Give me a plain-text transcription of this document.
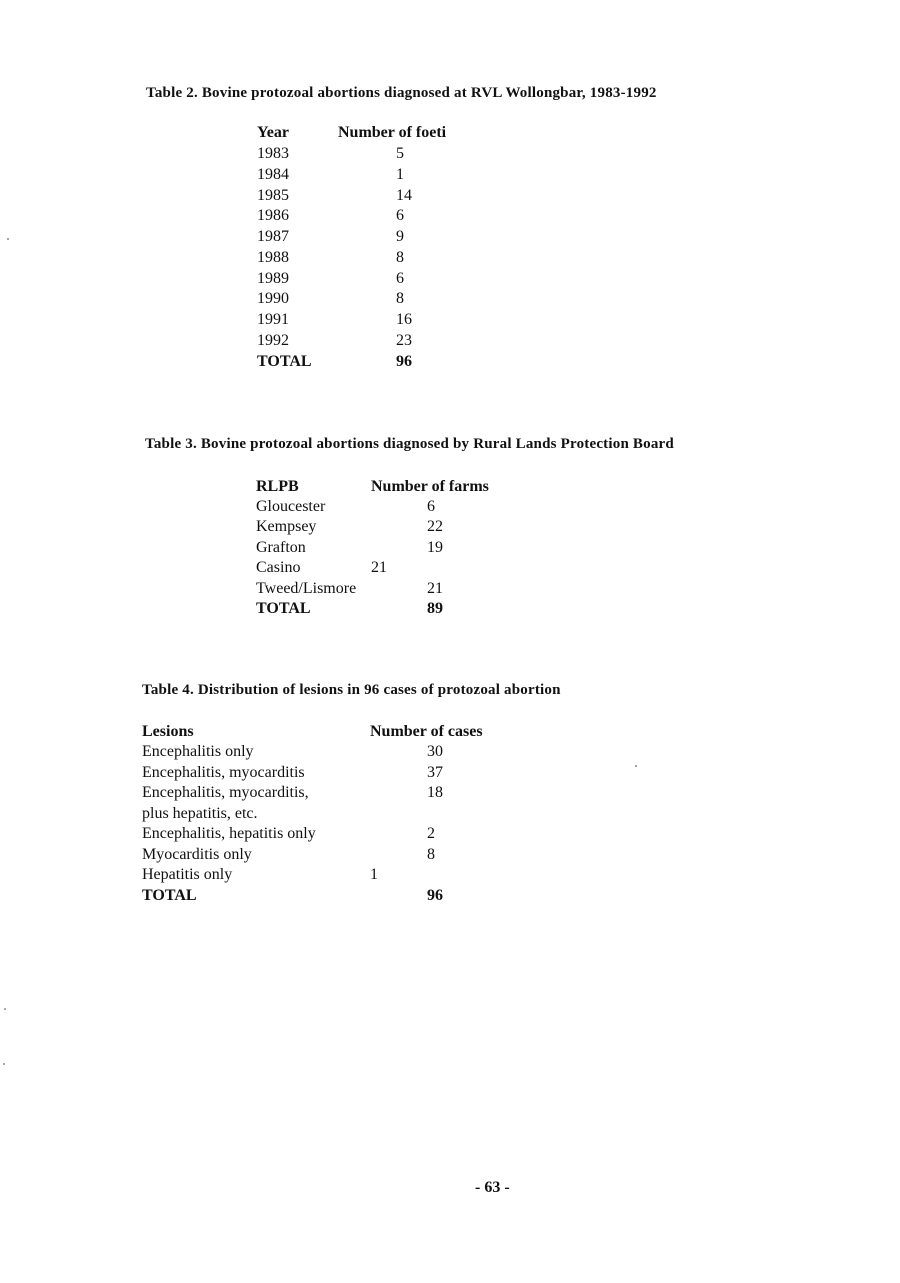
Table 2. Bovine protozoal abortions diagnosed at RVL Wollongbar, 1983-1992
Year	Number of foeti
1983	5
1984	1
1985	14
1986	6
1987	9
1988	8
1989	6
1990	8
1991	16
1992	23
TOTAL	96
Table 3. Bovine protozoal abortions diagnosed by Rural Lands Protection Board
RLPB	Number of farms
Gloucester	6
Kempsey	22
Grafton	19
Casino	21
Tweed/Lismore	21
TOTAL	89
Table 4. Distribution of lesions in 96 cases of protozoal abortion
Lesions	Number of cases
Encephalitis only	30
Encephalitis, myocarditis	37
Encephalitis, myocarditis,	18
plus hepatitis, etc.
Encephalitis, hepatitis only	2
Myocarditis only	8
Hepatitis only	1
TOTAL	96
- 63 -
